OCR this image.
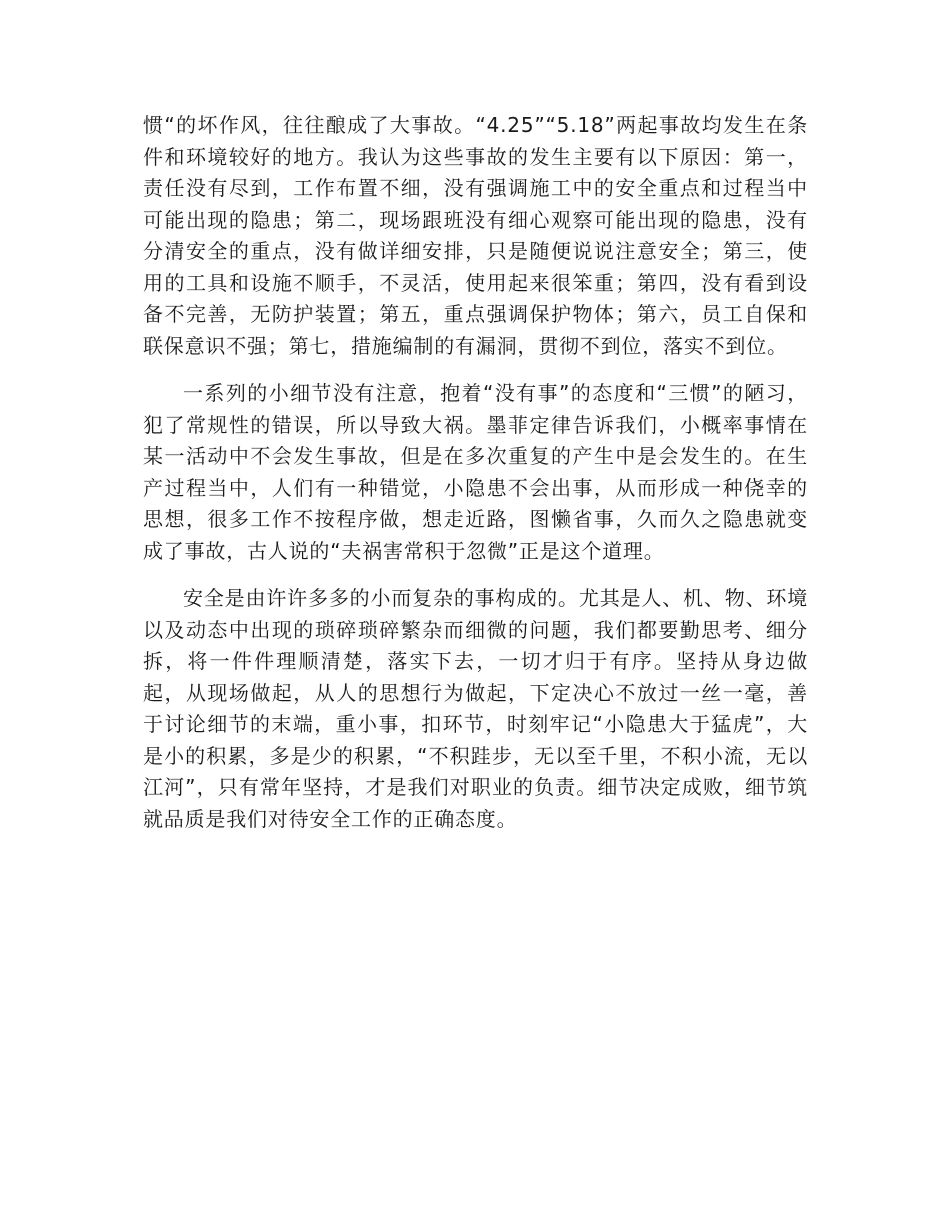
惯“的坏作风，往往酿成了大事故。“4.25”“5.18”两起事故均发生在条件和环境较好的地方。我认为这些事故的发生主要有以下原因：第一，责任没有尽到，工作布置不细，没有强调施工中的安全重点和过程当中可能出现的隐患；第二，现场跟班没有细心观察可能出现的隐患，没有分清安全的重点，没有做详细安排，只是随便说说注意安全；第三，使用的工具和设施不顺手，不灵活，使用起来很笨重；第四，没有看到设备不完善，无防护装置；第五，重点强调保护物体；第六，员工自保和联保意识不强；第七，措施编制的有漏洞，贯彻不到位，落实不到位。

一系列的小细节没有注意，抱着“没有事”的态度和“三惯”的陋习，犯了常规性的错误，所以导致大祸。墨菲定律告诉我们，小概率事情在某一活动中不会发生事故，但是在多次重复的产生中是会发生的。在生产过程当中，人们有一种错觉，小隐患不会出事，从而形成一种侥幸的思想，很多工作不按程序做，想走近路，图懒省事，久而久之隐患就变成了事故，古人说的“夫祸害常积于忽微”正是这个道理。

安全是由许许多多的小而复杂的事构成的。尤其是人、机、物、环境以及动态中出现的琐碎琐碎繁杂而细微的问题，我们都要勤思考、细分拆，将一件件理顺清楚，落实下去，一切才归于有序。坚持从身边做起，从现场做起，从人的思想行为做起，下定决心不放过一丝一毫，善于讨论细节的末端，重小事，扣环节，时刻牢记“小隐患大于猛虎”，大是小的积累，多是少的积累，“不积跬步，无以至千里，不积小流，无以江河”，只有常年坚持，才是我们对职业的负责。细节决定成败，细节筑就品质是我们对待安全工作的正确态度。
